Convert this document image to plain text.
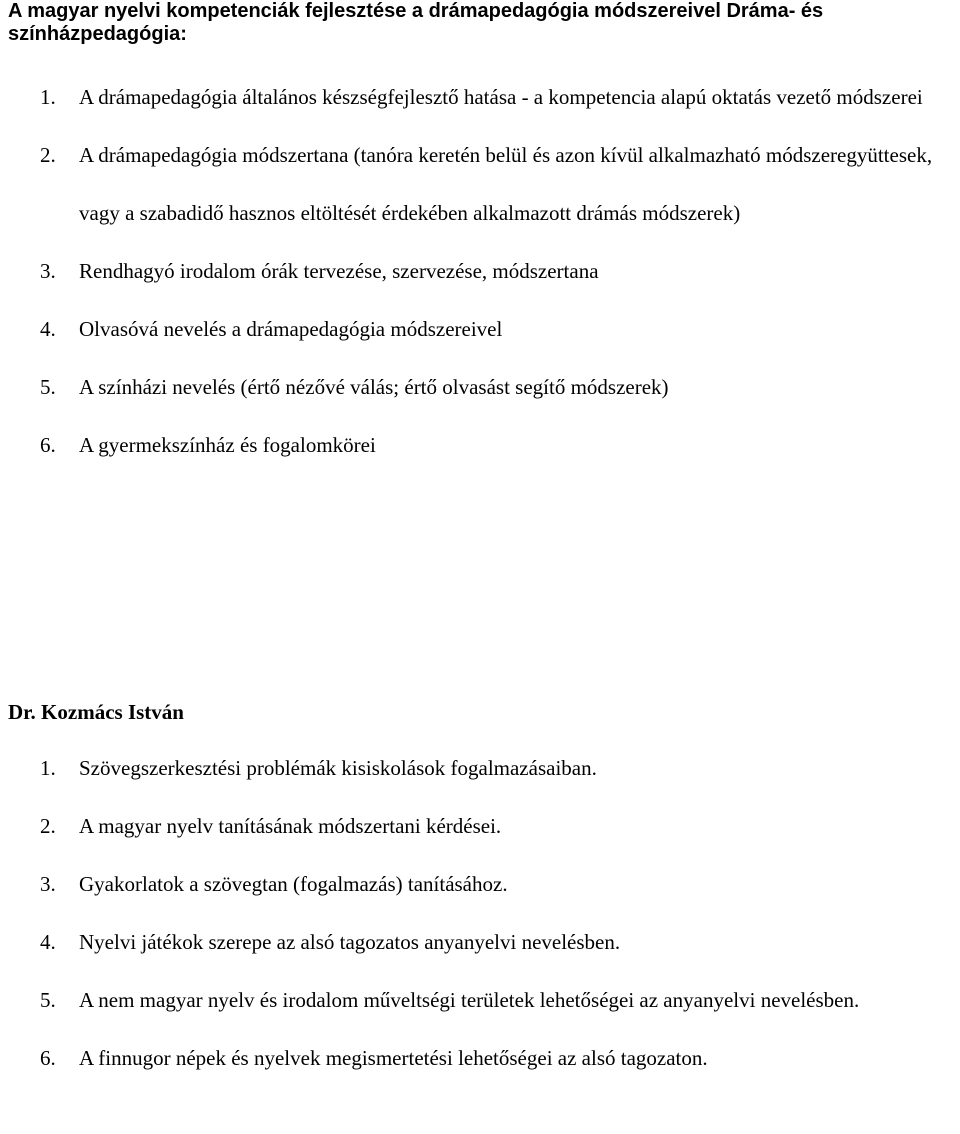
A magyar nyelvi kompetenciák fejlesztése a drámapedagógia módszereivel Dráma- és színházpedagógia:
1. A drámapedagógia általános készségfejlesztő hatása - a kompetencia alapú oktatás vezető módszerei
2. A drámapedagógia módszertana (tanóra keretén belül és azon kívül alkalmazható módszeregyüttesek, vagy a szabadidő hasznos eltöltését érdekében alkalmazott drámás módszerek)
3. Rendhagyó irodalom órák tervezése, szervezése, módszertana
4. Olvasóvá nevelés a drámapedagógia módszereivel
5. A színházi nevelés (értő nézővé válás; értő olvasást segítő módszerek)
6. A gyermekszínház és fogalomkörei
Dr. Kozmács István
1. Szövegszerkesztési problémák kisiskolások fogalmazásaiban.
2. A magyar nyelv tanításának módszertani kérdései.
3. Gyakorlatok a szövegtan (fogalmazás) tanításához.
4. Nyelvi játékok szerepe az alsó tagozatos anyanyelvi nevelésben.
5. A nem magyar nyelv és irodalom műveltségi területek lehetőségei az anyanyelvi nevelésben.
6. A finnugor népek és nyelvek megismertetési lehetőségei az alsó tagozaton.
